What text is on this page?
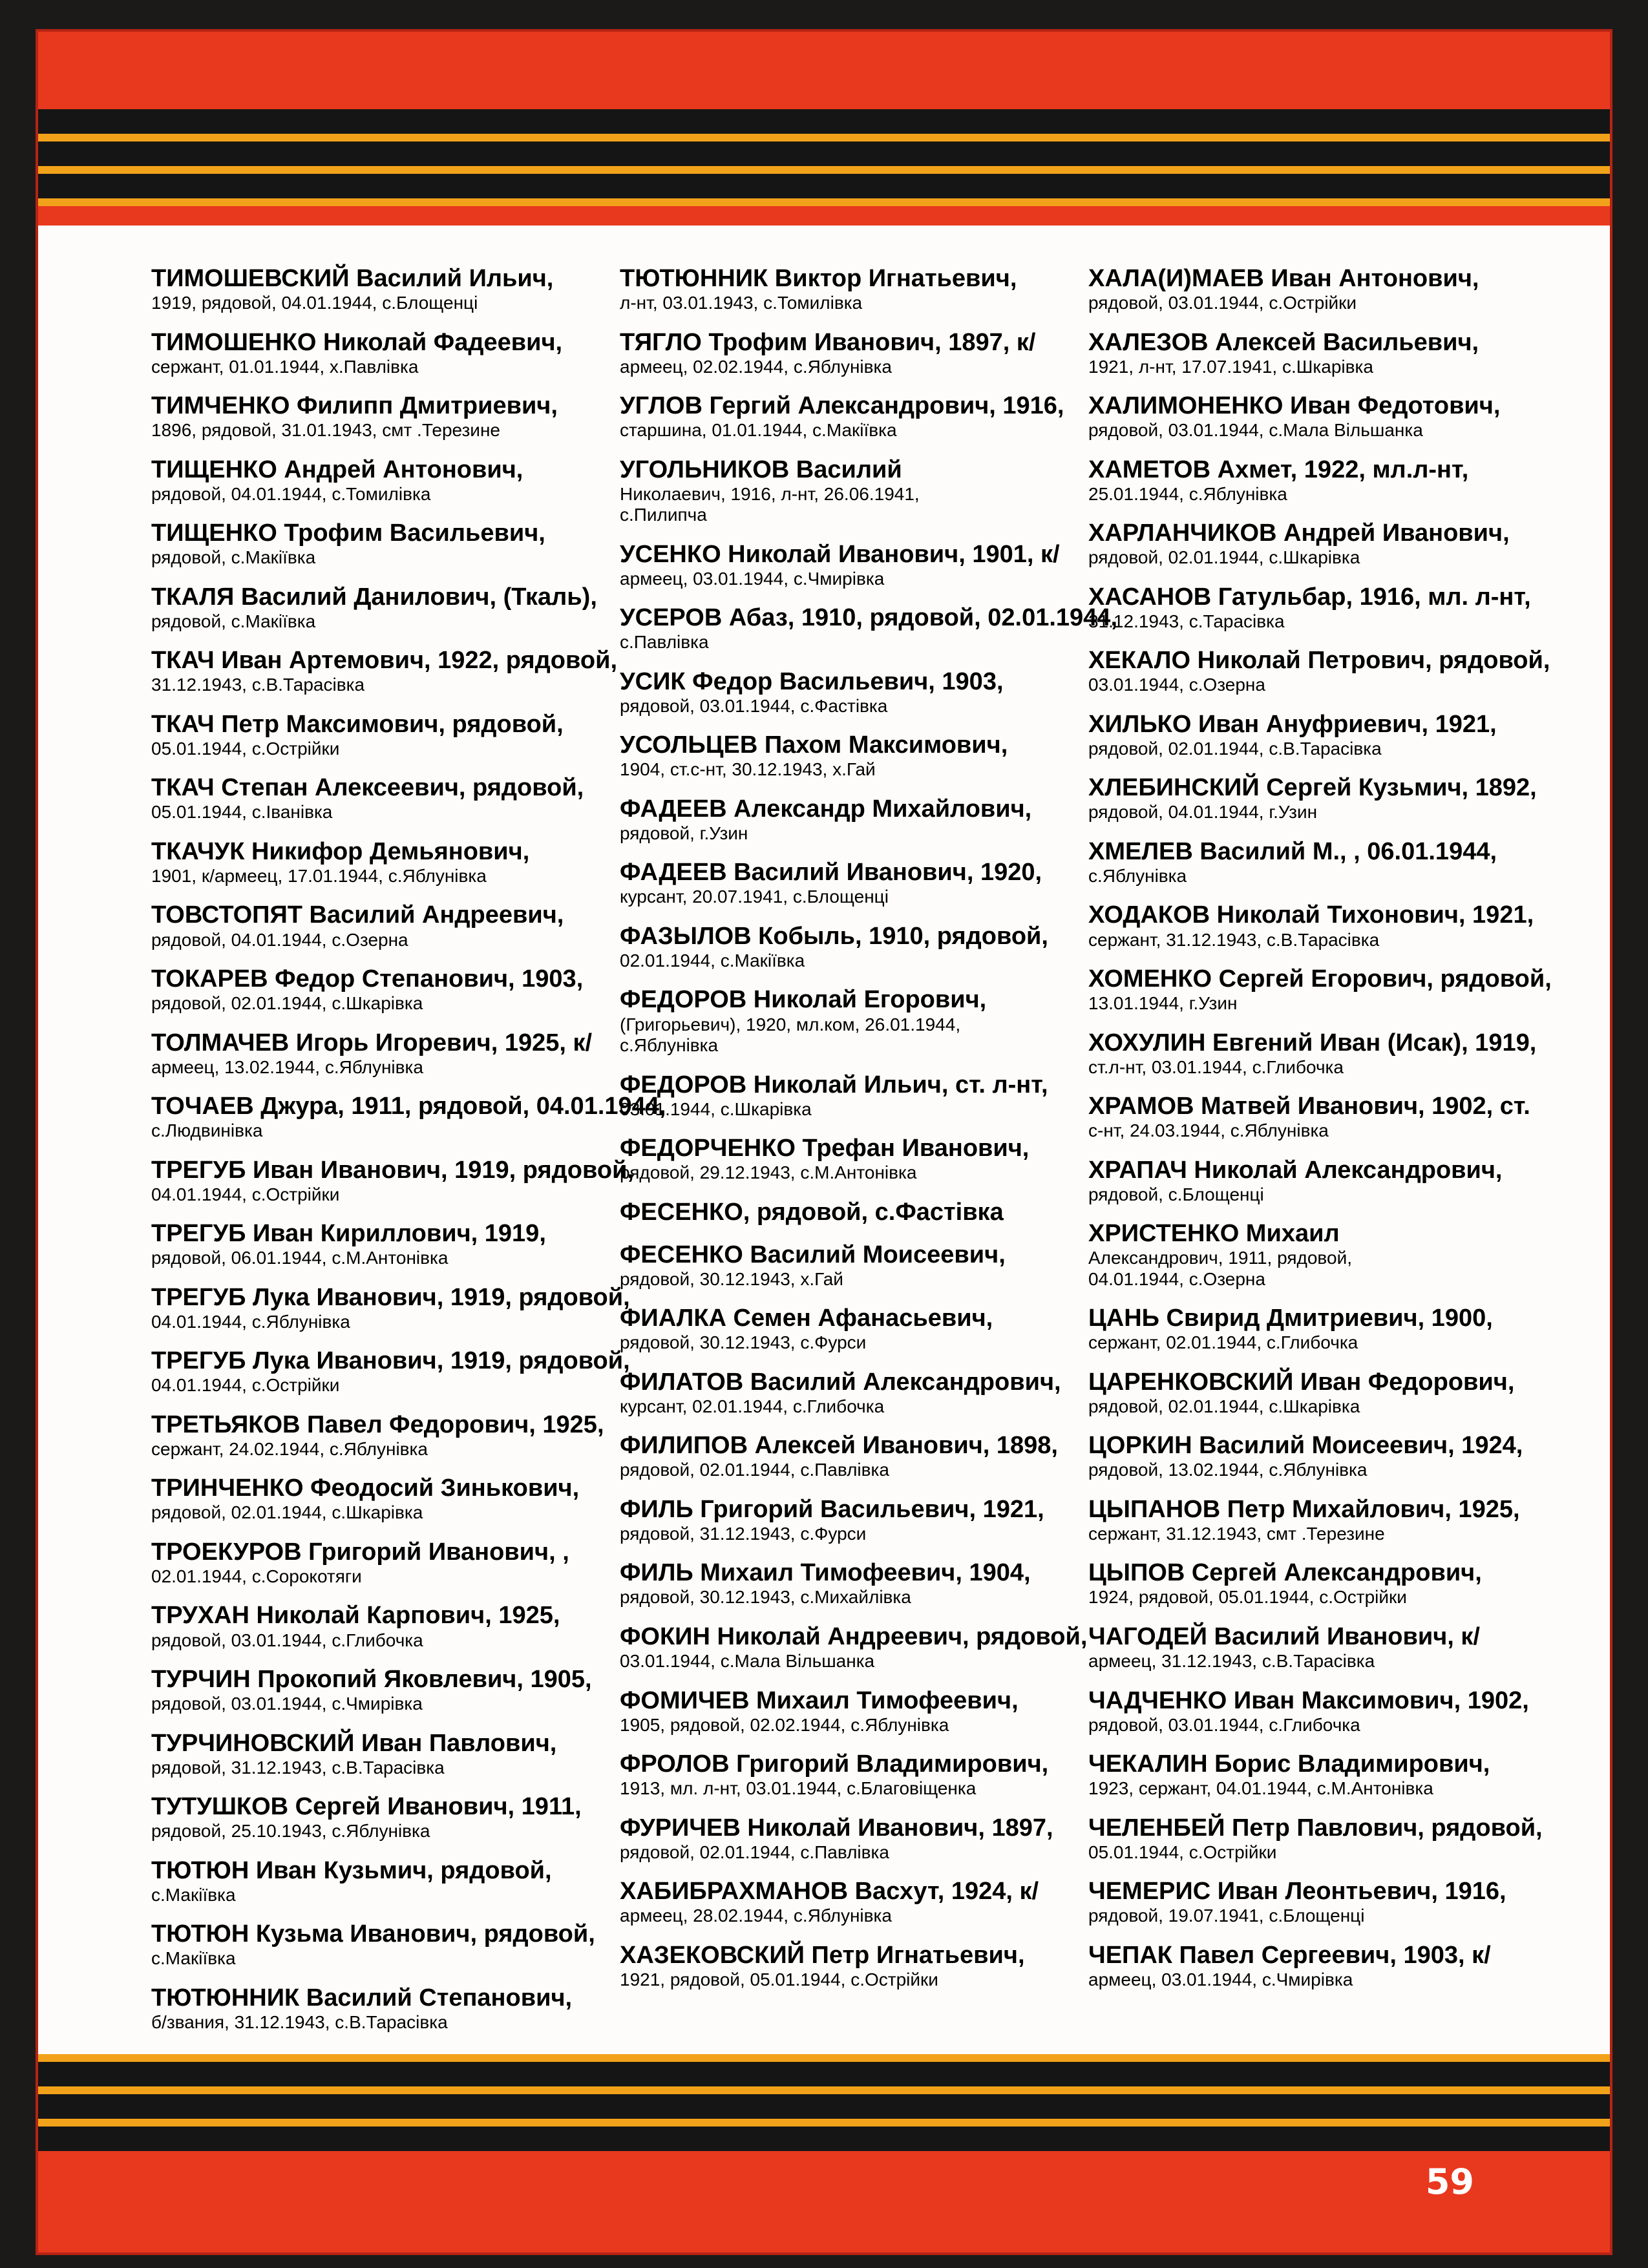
ТИМОШЕВСКИЙ Василий Ильич,
1919, рядовой, 04.01.1944, с.Блощенці
ТИМОШЕНКО Николай Фадеевич,
сержант, 01.01.1944, х.Павлівка
ТИМЧЕНКО Филипп Дмитриевич,
1896, рядовой, 31.01.1943, смт .Терезине
ТИЩЕНКО Андрей Антонович,
рядовой, 04.01.1944, с.Томилівка
ТИЩЕНКО Трофим Васильевич,
рядовой, с.Макіївка
ТКАЛЯ Василий Данилович, (Ткаль),
рядовой, с.Макіївка
ТКАЧ Иван Артемович, 1922, рядовой,
31.12.1943, с.В.Тарасівка
ТКАЧ Петр Максимович, рядовой,
05.01.1944, с.Острійки
ТКАЧ Степан Алексеевич, рядовой,
05.01.1944, с.Іванівка
ТКАЧУК Никифор Демьянович,
1901, к/армеец, 17.01.1944, с.Яблунівка
ТОВСТОПЯТ Василий Андреевич,
рядовой, 04.01.1944, с.Озерна
ТОКАРЕВ Федор Степанович, 1903,
рядовой, 02.01.1944, с.Шкарівка
ТОЛМАЧЕВ Игорь Игоревич, 1925, к/
армеец, 13.02.1944, с.Яблунівка
ТОЧАЕВ Джура, 1911, рядовой, 04.01.1944,
с.Людвинівка
ТРЕГУБ Иван Иванович, 1919, рядовой,
04.01.1944, с.Острійки
ТРЕГУБ Иван Кириллович, 1919,
рядовой, 06.01.1944, с.М.Антонівка
ТРЕГУБ Лука Иванович, 1919, рядовой,
04.01.1944, с.Яблунівка
ТРЕГУБ Лука Иванович, 1919, рядовой,
04.01.1944, с.Острійки
ТРЕТЬЯКОВ Павел Федорович, 1925,
сержант, 24.02.1944, с.Яблунівка
ТРИНЧЕНКО Феодосий Зинькович,
рядовой, 02.01.1944, с.Шкарівка
ТРОЕКУРОВ Григорий Иванович, ,
02.01.1944, с.Сорокотяги
ТРУХАН Николай Карпович, 1925,
рядовой, 03.01.1944, с.Глибочка
ТУРЧИН Прокопий Яковлевич, 1905,
рядовой, 03.01.1944, с.Чмирівка
ТУРЧИНОВСКИЙ Иван Павлович,
рядовой, 31.12.1943, с.В.Тарасівка
ТУТУШКОВ Сергей Иванович, 1911,
рядовой, 25.10.1943, с.Яблунівка
ТЮТЮН Иван Кузьмич, рядовой,
с.Макіївка
ТЮТЮН Кузьма Иванович, рядовой,
с.Макіївка
ТЮТЮННИК Василий Степанович,
б/звания, 31.12.1943, с.В.Тарасівка
ТЮТЮННИК Виктор Игнатьевич,
л-нт, 03.01.1943, с.Томилівка
ТЯГЛО Трофим Иванович, 1897, к/
армеец, 02.02.1944, с.Яблунівка
УГЛОВ Гергий Александрович, 1916,
старшина, 01.01.1944, с.Макіївка
УГОЛЬНИКОВ Василий
Николаевич, 1916, л-нт, 26.06.1941,
с.Пилипча
УСЕНКО Николай Иванович, 1901, к/
армеец, 03.01.1944, с.Чмирівка
УСЕРОВ Абаз, 1910, рядовой, 02.01.1944,
с.Павлівка
УСИК Федор Васильевич, 1903,
рядовой, 03.01.1944, с.Фастівка
УСОЛЬЦЕВ Пахом Максимович,
1904, ст.с-нт, 30.12.1943, х.Гай
ФАДЕЕВ Александр Михайлович,
рядовой, г.Узин
ФАДЕЕВ Василий Иванович, 1920,
курсант, 20.07.1941, с.Блощенці
ФАЗЫЛОВ Кобыль, 1910, рядовой,
02.01.1944, с.Макіївка
ФЕДОРОВ Николай Егорович,
(Григорьевич), 1920, мл.ком, 26.01.1944,
с.Яблунівка
ФЕДОРОВ Николай Ильич, ст. л-нт,
03.01.1944, с.Шкарівка
ФЕДОРЧЕНКО Трефан Иванович,
рядовой, 29.12.1943, с.М.Антонівка
ФЕСЕНКО, рядовой, с.Фастівка
ФЕСЕНКО Василий Моисеевич,
рядовой, 30.12.1943, х.Гай
ФИАЛКА Семен Афанасьевич,
рядовой, 30.12.1943, с.Фурси
ФИЛАТОВ Василий Александрович,
курсант, 02.01.1944, с.Глибочка
ФИЛИПОВ Алексей Иванович, 1898,
рядовой, 02.01.1944, с.Павлівка
ФИЛЬ Григорий Васильевич, 1921,
рядовой, 31.12.1943, с.Фурси
ФИЛЬ Михаил Тимофеевич, 1904,
рядовой, 30.12.1943, с.Михайлівка
ФОКИН Николай Андреевич, рядовой,
03.01.1944, с.Мала Вільшанка
ФОМИЧЕВ Михаил Тимофеевич,
1905, рядовой, 02.02.1944, с.Яблунівка
ФРОЛОВ Григорий Владимирович,
1913, мл. л-нт, 03.01.1944, с.Благовіщенка
ФУРИЧЕВ Николай Иванович, 1897,
рядовой, 02.01.1944, с.Павлівка
ХАБИБРАХМАНОВ Васхут, 1924, к/
армеец, 28.02.1944, с.Яблунівка
ХАЗЕКОВСКИЙ Петр Игнатьевич,
1921, рядовой, 05.01.1944, с.Острійки
ХАЛА(И)МАЕВ Иван Антонович,
рядовой, 03.01.1944, с.Острійки
ХАЛЕЗОВ Алексей Васильевич,
1921, л-нт, 17.07.1941, с.Шкарівка
ХАЛИМОНЕНКО Иван Федотович,
рядовой, 03.01.1944, с.Мала Вільшанка
ХАМЕТОВ Ахмет, 1922, мл.л-нт,
25.01.1944, с.Яблунівка
ХАРЛАНЧИКОВ Андрей Иванович,
рядовой, 02.01.1944, с.Шкарівка
ХАСАНОВ Гатульбар, 1916, мл. л-нт,
31.12.1943, с.Тарасівка
ХЕКАЛО Николай Петрович, рядовой,
03.01.1944, с.Озерна
ХИЛЬКО Иван Ануфриевич, 1921,
рядовой, 02.01.1944, с.В.Тарасівка
ХЛЕБИНСКИЙ Сергей Кузьмич, 1892,
рядовой, 04.01.1944, г.Узин
ХМЕЛЕВ Василий М., , 06.01.1944,
с.Яблунівка
ХОДАКОВ Николай Тихонович, 1921,
сержант, 31.12.1943, с.В.Тарасівка
ХОМЕНКО Сергей Егорович, рядовой,
13.01.1944, г.Узин
ХОХУЛИН Евгений Иван (Исак), 1919,
ст.л-нт, 03.01.1944, с.Глибочка
ХРАМОВ Матвей Иванович, 1902, ст.
с-нт, 24.03.1944, с.Яблунівка
ХРАПАЧ Николай Александрович,
рядовой, с.Блощенці
ХРИСТЕНКО Михаил
Александрович, 1911, рядовой,
04.01.1944, с.Озерна
ЦАНЬ Свирид Дмитриевич, 1900,
сержант, 02.01.1944, с.Глибочка
ЦАРЕНКОВСКИЙ Иван Федорович,
рядовой, 02.01.1944, с.Шкарівка
ЦОРКИН Василий Моисеевич, 1924,
рядовой, 13.02.1944, с.Яблунівка
ЦЫПАНОВ Петр Михайлович, 1925,
сержант, 31.12.1943, смт .Терезине
ЦЫПОВ Сергей Александрович,
1924, рядовой, 05.01.1944, с.Острійки
ЧАГОДЕЙ Василий Иванович, к/
армеец, 31.12.1943, с.В.Тарасівка
ЧАДЧЕНКО Иван Максимович, 1902,
рядовой, 03.01.1944, с.Глибочка
ЧЕКАЛИН Борис Владимирович,
1923, сержант, 04.01.1944, с.М.Антонівка
ЧЕЛЕНБЕЙ Петр Павлович, рядовой,
05.01.1944, с.Острійки
ЧЕМЕРИС Иван Леонтьевич, 1916,
рядовой, 19.07.1941, с.Блощенці
ЧЕПАК Павел Сергеевич, 1903, к/
армеец, 03.01.1944, с.Чмирівка
59
